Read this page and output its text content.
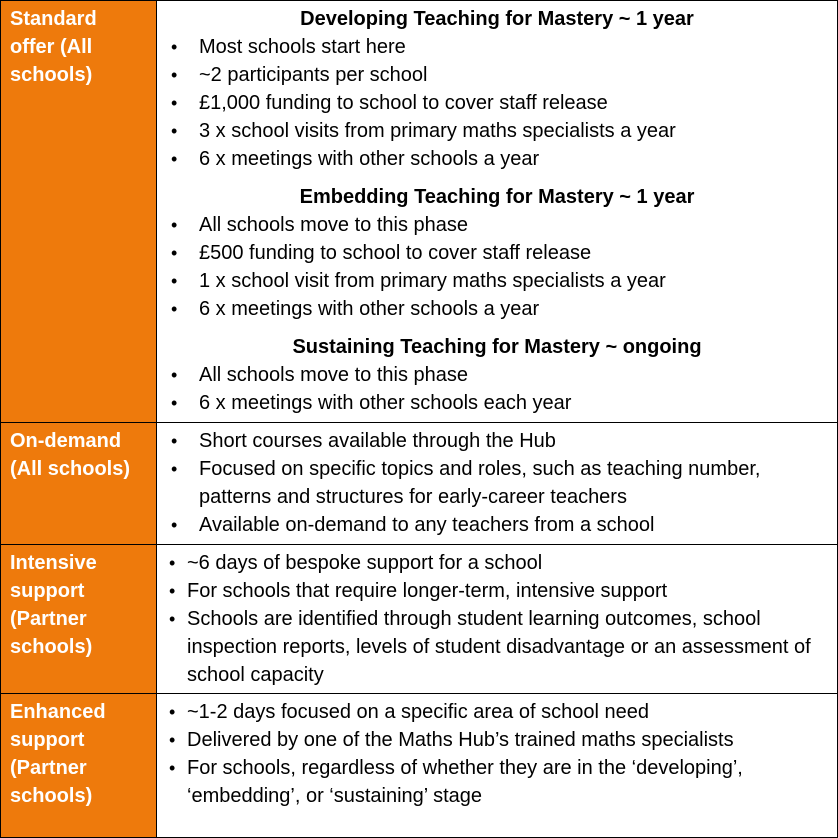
Standard offer (All schools)
Developing Teaching for Mastery ~ 1 year
• Most schools start here
• ~2 participants per school
• £1,000 funding to school to cover staff release
• 3 x school visits from primary maths specialists a year
• 6 x meetings with other schools a year
Embedding Teaching for Mastery ~ 1 year
• All schools move to this phase
• £500 funding to school to cover staff release
• 1 x school visit from primary maths specialists a year
• 6 x meetings with other schools a year
Sustaining Teaching for Mastery ~ ongoing
• All schools move to this phase
• 6 x meetings with other schools each year
On-demand (All schools)
• Short courses available through the Hub
• Focused on specific topics and roles, such as teaching number, patterns and structures for early-career teachers
• Available on-demand to any teachers from a school
Intensive support (Partner schools)
• ~6 days of bespoke support for a school
• For schools that require longer-term, intensive support
• Schools are identified through student learning outcomes, school inspection reports, levels of student disadvantage or an assessment of school capacity
Enhanced support (Partner schools)
• ~1-2 days focused on a specific area of school need
• Delivered by one of the Maths Hub’s trained maths specialists
• For schools, regardless of whether they are in the ‘developing’, ‘embedding’, or ‘sustaining’ stage
